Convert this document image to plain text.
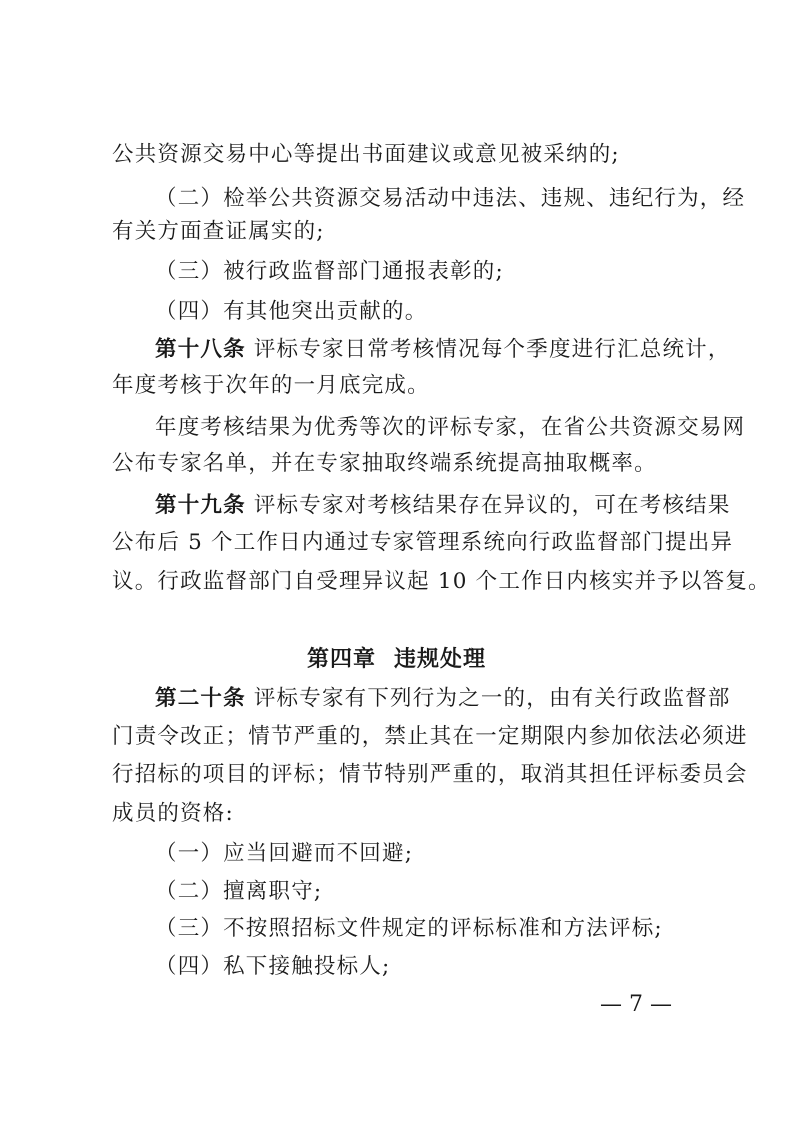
公共资源交易中心等提出书面建议或意见被采纳的;
（二）检举公共资源交易活动中违法、违规、违纪行为，经
有关方面查证属实的;
（三）被行政监督部门通报表彰的;
（四）有其他突出贡献的。
第十八条 评标专家日常考核情况每个季度进行汇总统计，
年度考核于次年的一月底完成。
年度考核结果为优秀等次的评标专家，在省公共资源交易网
公布专家名单，并在专家抽取终端系统提高抽取概率。
第十九条 评标专家对考核结果存在异议的，可在考核结果
公布后 5 个工作日内通过专家管理系统向行政监督部门提出异
议。行政监督部门自受理异议起 10 个工作日内核实并予以答复。
第四章 违规处理
第二十条 评标专家有下列行为之一的，由有关行政监督部
门责令改正；情节严重的，禁止其在一定期限内参加依法必须进
行招标的项目的评标；情节特别严重的，取消其担任评标委员会
成员的资格:
（一）应当回避而不回避;
（二）擅离职守;
（三）不按照招标文件规定的评标标准和方法评标;
（四）私下接触投标人;
— 7 —
